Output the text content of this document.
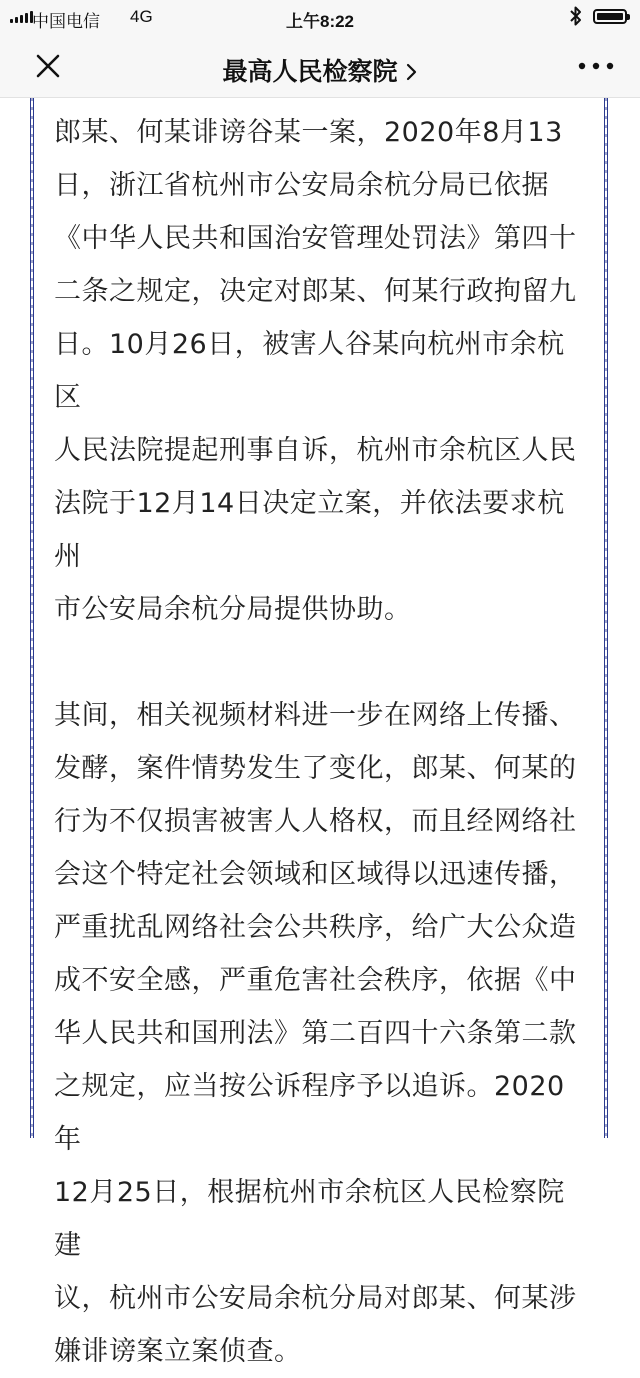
中国电信 4G	上午8:22
最高人民检察院

郎某、何某诽谤谷某一案，2020年8月13

日，浙江省杭州市公安局余杭分局已依据

《中华人民共和国治安管理处罚法》第四十

二条之规定，决定对郎某、何某行政拘留九

日。10月26日，被害人谷某向杭州市余杭区

人民法院提起刑事自诉，杭州市余杭区人民

法院于12月14日决定立案，并依法要求杭州

市公安局余杭分局提供协助。

其间，相关视频材料进一步在网络上传播、

发酵，案件情势发生了变化，郎某、何某的

行为不仅损害被害人人格权，而且经网络社

会这个特定社会领域和区域得以迅速传播，

严重扰乱网络社会公共秩序，给广大公众造

成不安全感，严重危害社会秩序，依据《中

华人民共和国刑法》第二百四十六条第二款

之规定，应当按公诉程序予以追诉。2020年

12月25日，根据杭州市余杭区人民检察院建

议，杭州市公安局余杭分局对郎某、何某涉

嫌诽谤案立案侦查。
